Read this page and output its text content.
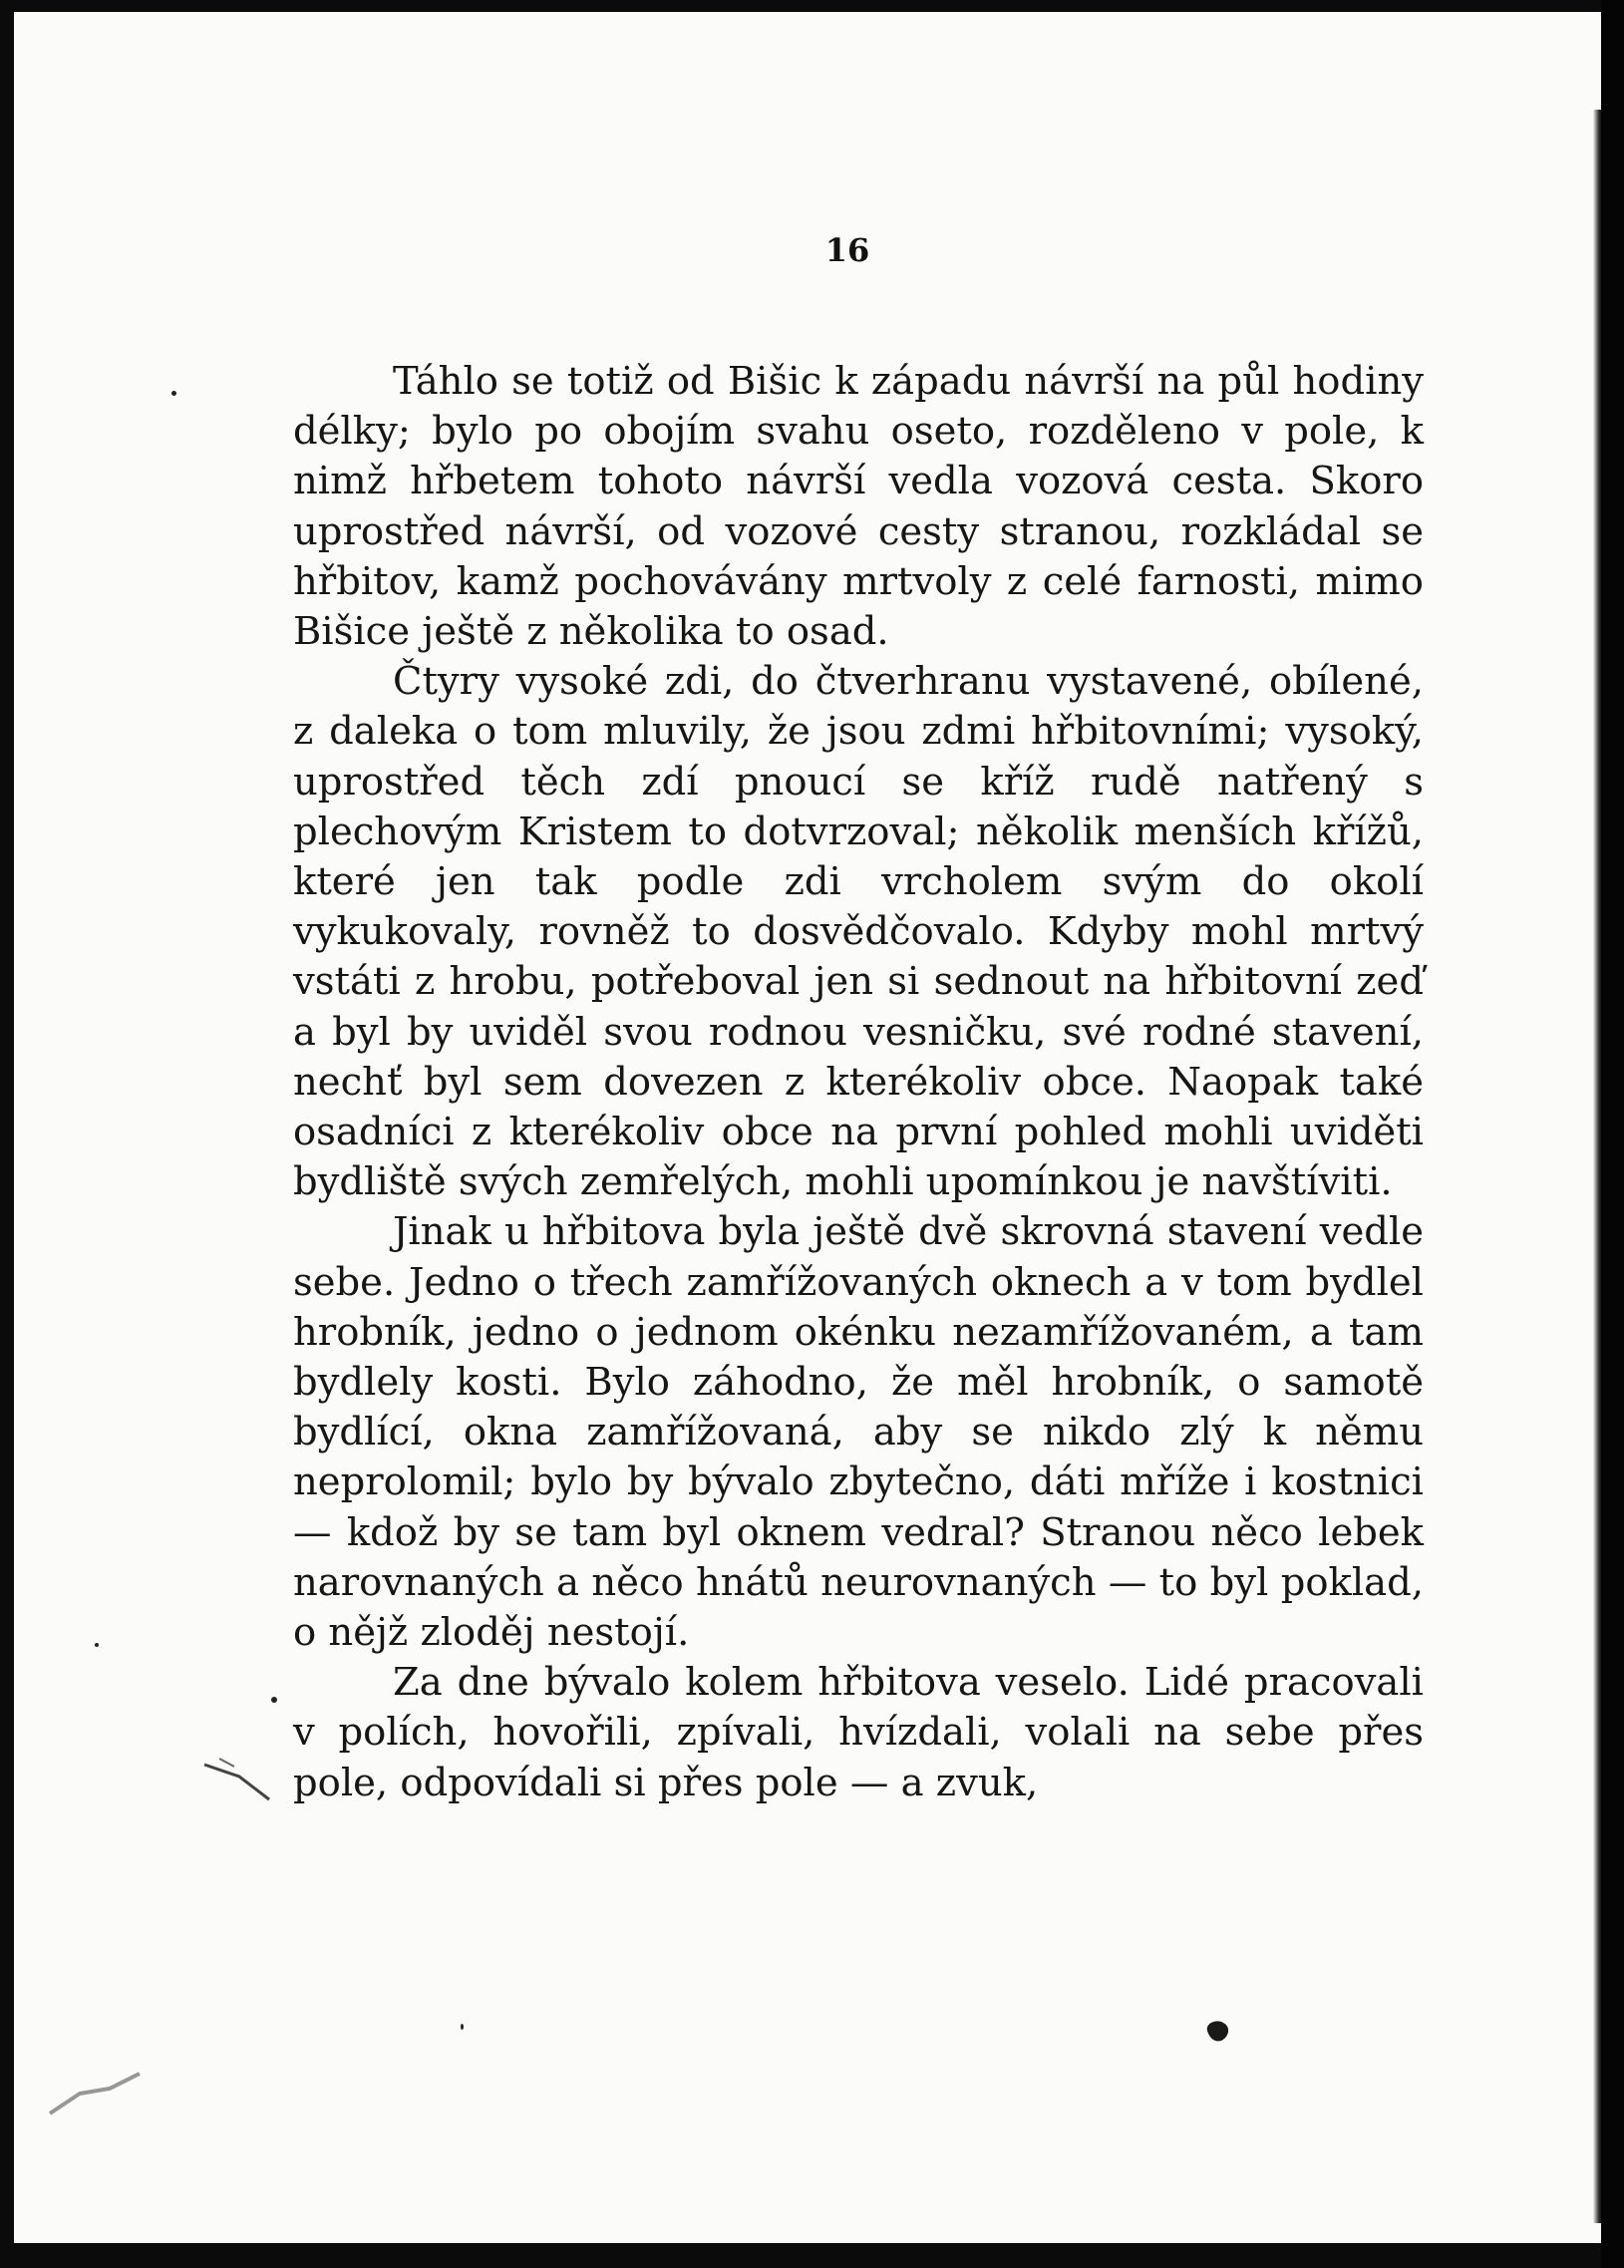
16

Táhlo se totiž od Bišic k západu návrší na půl hodiny délky; bylo po obojím svahu oseto, rozděleno v pole, k nimž hřbetem tohoto návrší vedla vozová cesta. Skoro uprostřed návrší, od vozové cesty stranou, rozkládal se hřbitov, kamž pochovávány mrtvoly z celé farnosti, mimo Bišice ještě z několika to osad.

Čtyry vysoké zdi, do čtverhranu vystavené, obílené, z daleka o tom mluvily, že jsou zdmi hřbitovními; vysoký, uprostřed těch zdí pnoucí se kříž rudě natřený s plechovým Kristem to dotvrzoval; několik menších křížů, které jen tak podle zdi vrcholem svým do okolí vykukovaly, rovněž to dosvědčovalo. Kdyby mohl mrtvý vstáti z hrobu, potřeboval jen si sednout na hřbitovní zeď a byl by uviděl svou rodnou vesničku, své rodné stavení, nechť byl sem dovezen z kterékoliv obce. Naopak také osadníci z kterékoliv obce na první pohled mohli uviděti bydliště svých zemřelých, mohli upomínkou je navštíviti.

Jinak u hřbitova byla ještě dvě skrovná stavení vedle sebe. Jedno o třech zamřížovaných oknech a v tom bydlel hrobník, jedno o jednom okénku nezamřížovaném, a tam bydlely kosti. Bylo záhodno, že měl hrobník, o samotě bydlící, okna zamřížovaná, aby se nikdo zlý k němu neprolomil; bylo by bývalo zbytečno, dáti mříže i kostnici — kdož by se tam byl oknem vedral? Stranou něco lebek narovnaných a něco hnátů neurovnaných — to byl poklad, o nějž zloděj nestojí.

Za dne bývalo kolem hřbitova veselo. Lidé pracovali v polích, hovořili, zpívali, hvízdali, volali na sebe přes pole, odpovídali si přes pole — a zvuk,
